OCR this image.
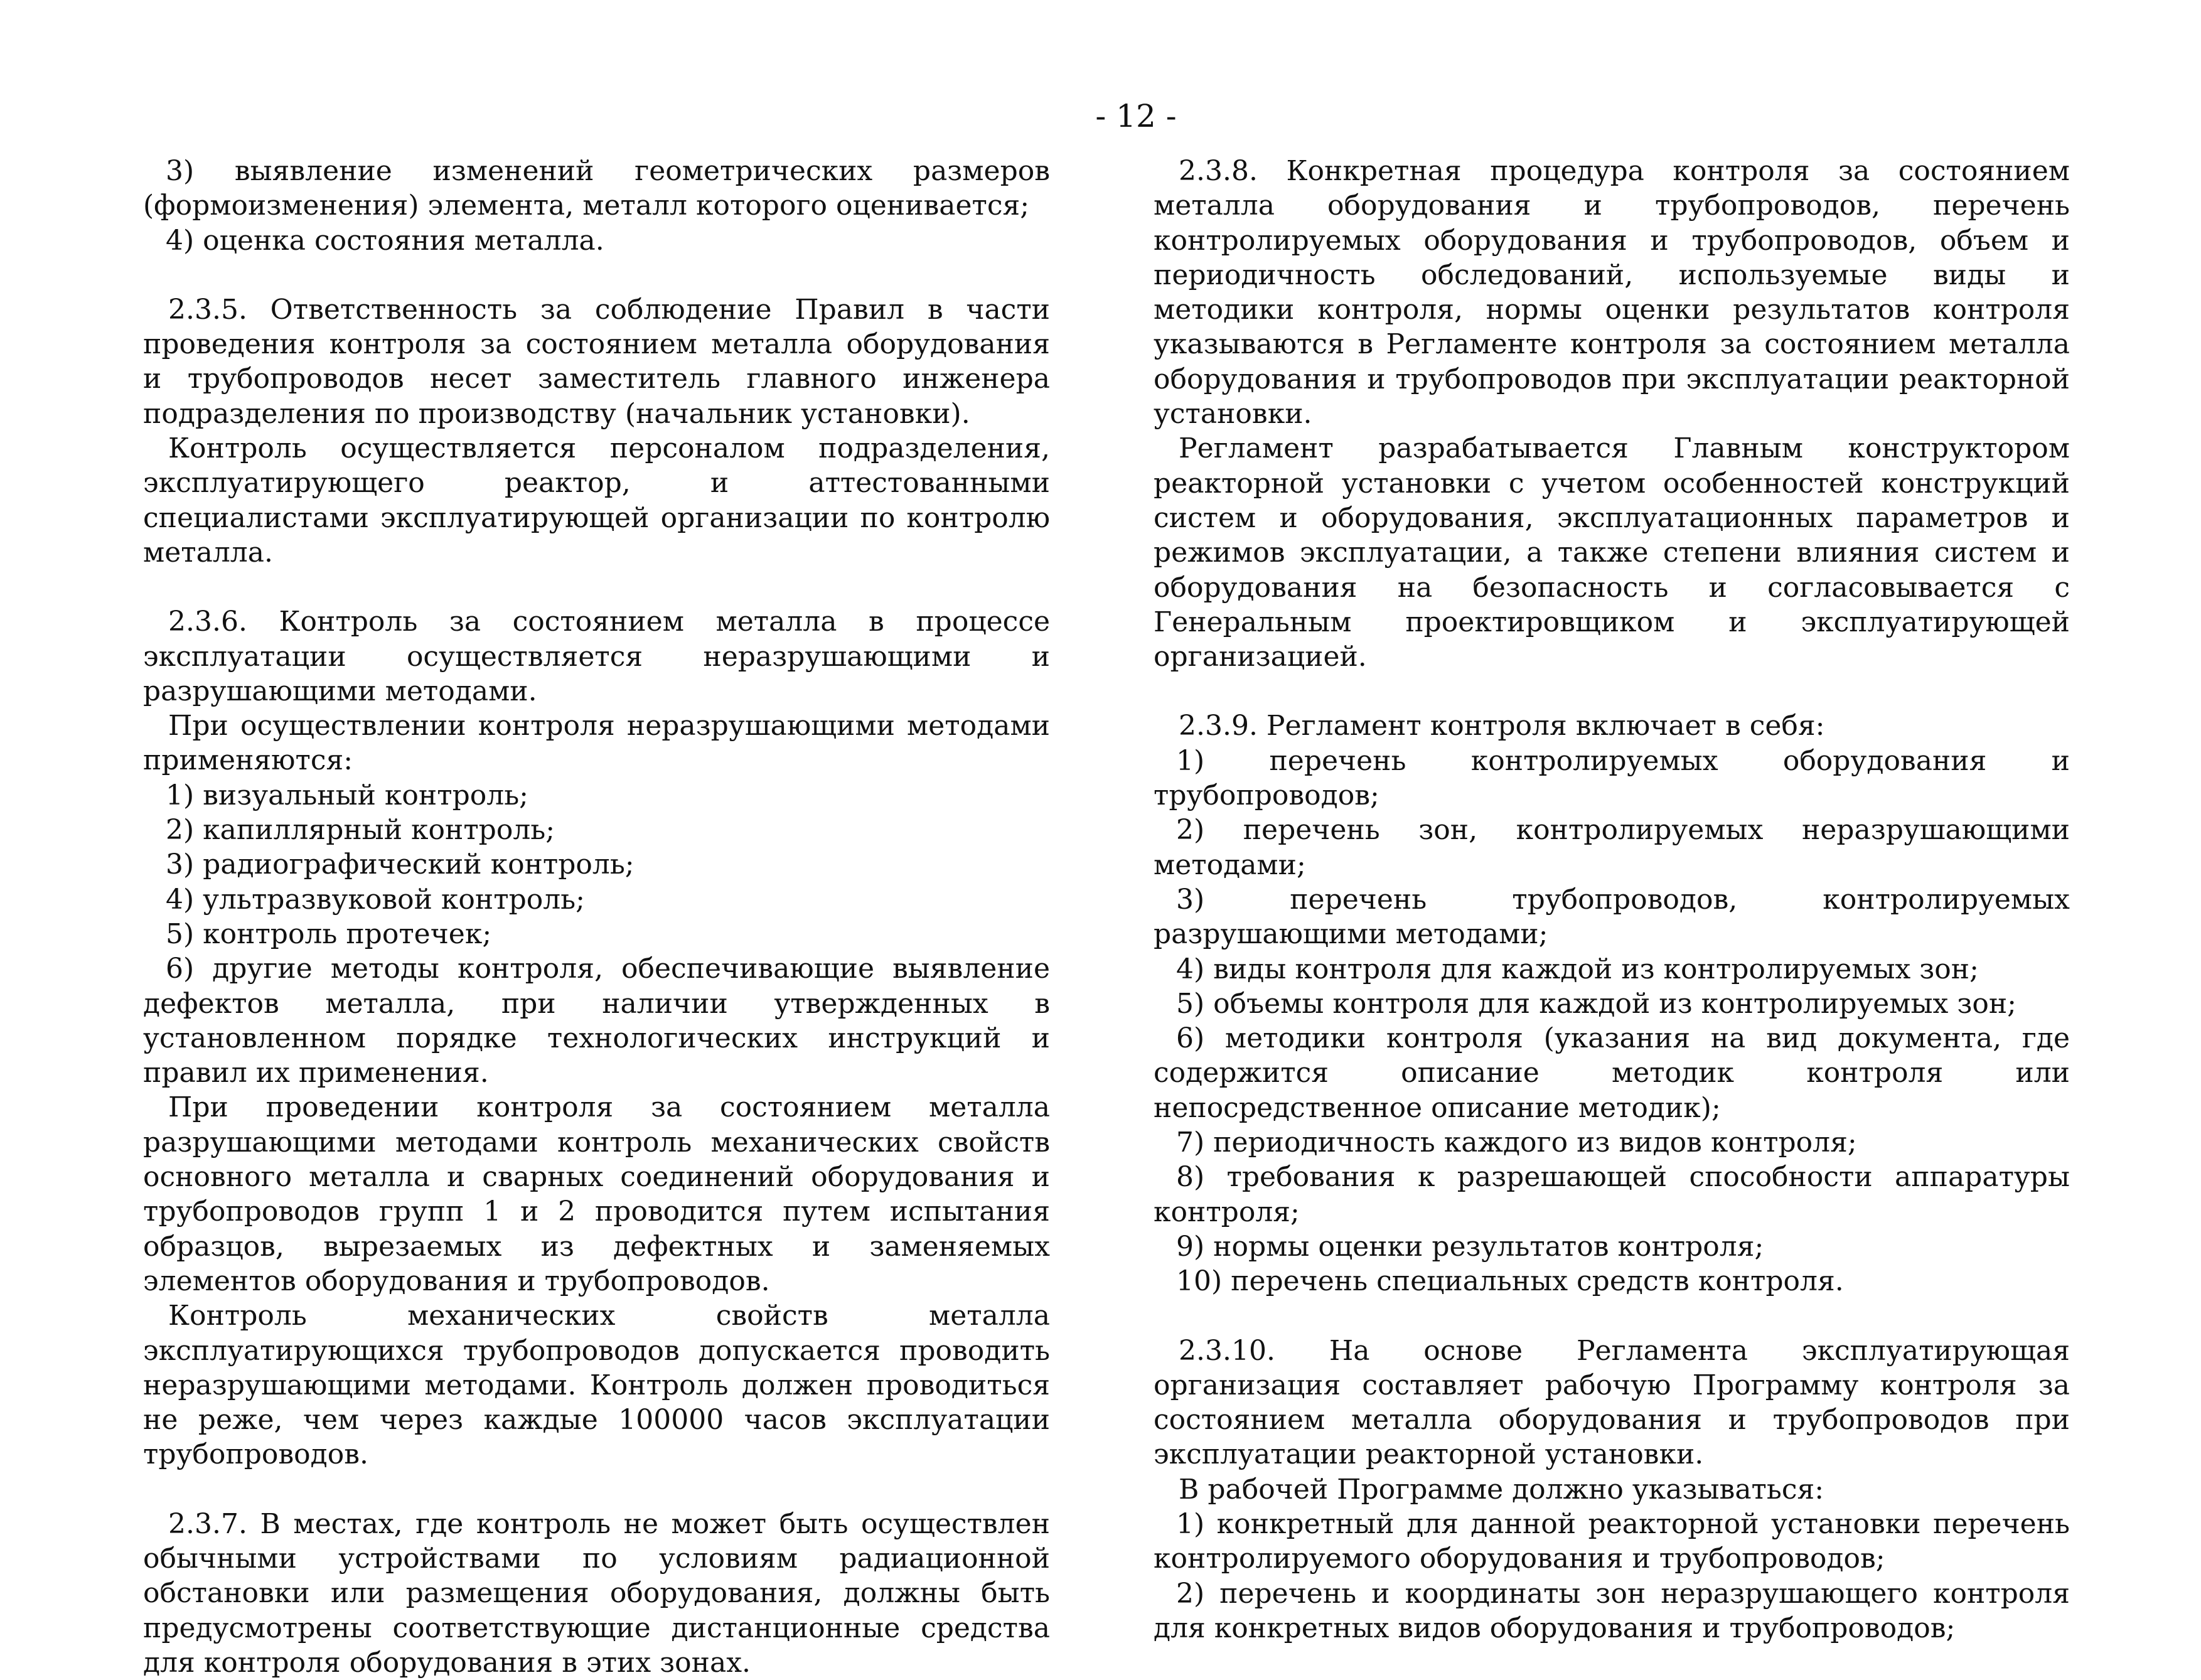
- 12 -

3) выявление изменений геометрических размеров (формоизменения) элемента, металл которого оценивается;

4) оценка состояния металла.

2.3.5. Ответственность за соблюдение Правил в части проведения контроля за состоянием металла оборудования и трубопроводов несет заместитель главного инженера подразделения по производству (начальник установки).

Контроль осуществляется персоналом подразделения, эксплуатирующего реактор, и аттестованными специалистами эксплуатирующей организации по контролю металла.

2.3.6. Контроль за состоянием металла в процессе эксплуатации осуществляется неразрушающими и разрушающими методами.

При осуществлении контроля неразрушающими методами применяются:

1) визуальный контроль;

2) капиллярный контроль;

3) радиографический контроль;

4) ультразвуковой контроль;

5) контроль протечек;

6) другие методы контроля, обеспечивающие выявление дефектов металла, при наличии утвержденных в установленном порядке технологических инструкций и правил их применения.

При проведении контроля за состоянием металла разрушающими методами контроль механических свойств основного металла и сварных соединений оборудования и трубопроводов групп 1 и 2 проводится путем испытания образцов, вырезаемых из дефектных и заменяемых элементов оборудования и трубопроводов.

Контроль механических свойств металла эксплуатирующихся трубопроводов допускается проводить неразрушающими методами. Контроль должен проводиться не реже, чем через каждые 100000 часов эксплуатации трубопроводов.

2.3.7. В местах, где контроль не может быть осуществлен обычными устройствами по условиям радиационной обстановки или размещения оборудования, должны быть предусмотрены соответствующие дистанционные средства для контроля оборудования в этих зонах.

2.3.8. Конкретная процедура контроля за состоянием металла оборудования и трубопроводов, перечень контролируемых оборудования и трубопроводов, объем и периодичность обследований, используемые виды и методики контроля, нормы оценки результатов контроля указываются в Регламенте контроля за состоянием металла оборудования и трубопроводов при эксплуатации реакторной установки.

Регламент разрабатывается Главным конструктором реакторной установки с учетом особенностей конструкций систем и оборудования, эксплуатационных параметров и режимов эксплуатации, а также степени влияния систем и оборудования на безопасность и согласовывается с Генеральным проектировщиком и эксплуатирующей организацией.

2.3.9. Регламент контроля включает в себя:

1) перечень контролируемых оборудования и трубопроводов;

2) перечень зон, контролируемых неразрушающими методами;

3) перечень трубопроводов, контролируемых разрушающими методами;

4) виды контроля для каждой из контролируемых зон;

5) объемы контроля для каждой из контролируемых зон;

6) методики контроля (указания на вид документа, где содержится описание методик контроля или непосредственное описание методик);

7) периодичность каждого из видов контроля;

8) требования к разрешающей способности аппаратуры контроля;

9) нормы оценки результатов контроля;

10) перечень специальных средств контроля.

2.3.10. На основе Регламента эксплуатирующая организация составляет рабочую Программу контроля за состоянием металла оборудования и трубопроводов при эксплуатации реакторной установки.

В рабочей Программе должно указываться:

1) конкретный для данной реакторной установки перечень контролируемого оборудования и трубопроводов;

2) перечень и координаты зон неразрушающего контроля для конкретных видов оборудования и трубопроводов;
